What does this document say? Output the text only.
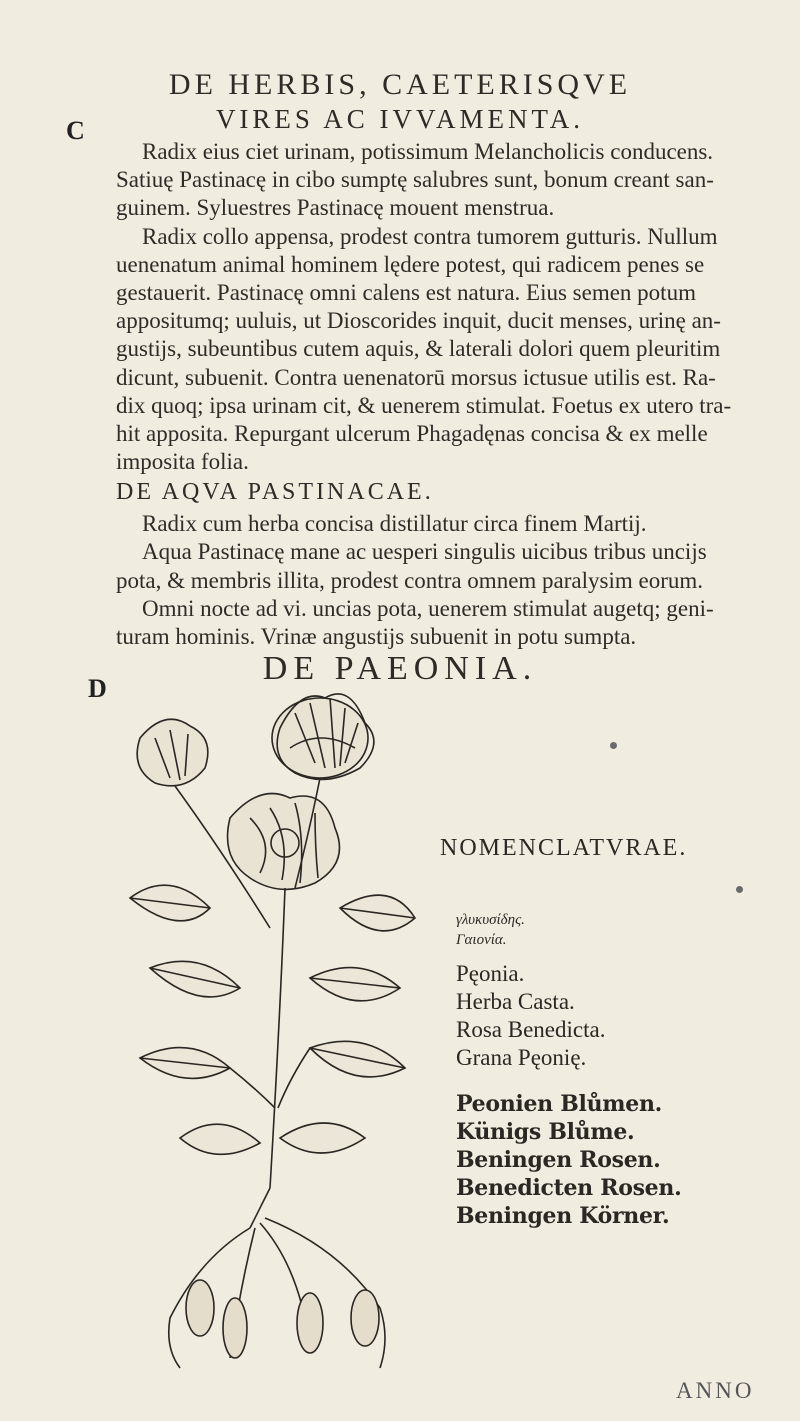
C
D
DE HERBIS, CAETERISQVE
VIRES AC IVVAMENTA.

Radix eius ciet urinam, potissimum Melancholicis conducens.

Satiuę Pastinacę in cibo sumptę salubres sunt, bonum creant san-

guinem. Syluestres Pastinacę mouent menstrua.

Radix collo appensa, prodest contra tumorem gutturis. Nullum

uenenatum animal hominem lędere potest, qui radicem penes se

gestauerit. Pastinacę omni calens est natura. Eius semen potum

appositumq; uuluis, ut Dioscorides inquit, ducit menses, urinę an-

gustijs, subeuntibus cutem aquis, & laterali dolori quem pleuritim

dicunt, subuenit. Contra uenenatorū morsus ictusue utilis est. Ra-

dix quoq; ipsa urinam cit, & uenerem stimulat. Foetus ex utero tra-

hit apposita. Repurgant ulcerum Phagadęnas concisa & ex melle

imposita folia.

DE AQVA PASTINACAE.

Radix cum herba concisa distillatur circa finem Martij.

Aqua Pastinacę mane ac uesperi singulis uicibus tribus uncijs

pota, & membris illita, prodest contra omnem paralysim eorum.

Omni nocte ad vi. uncias pota, uenerem stimulat augetq; geni-

turam hominis. Vrinæ angustijs subuenit in potu sumpta.

DE PAEONIA.
NOMENCLATVRAE.
γλυκυσίδης.
Γαιονία.
Pęonia.
Herba Casta.
Rosa Benedicta.
Grana Pęonię.
Peonien Blůmen.
Künigs Blůme.
Beningen Rosen.
Benedicten Rosen.
Beningen Körner.
ANNO
